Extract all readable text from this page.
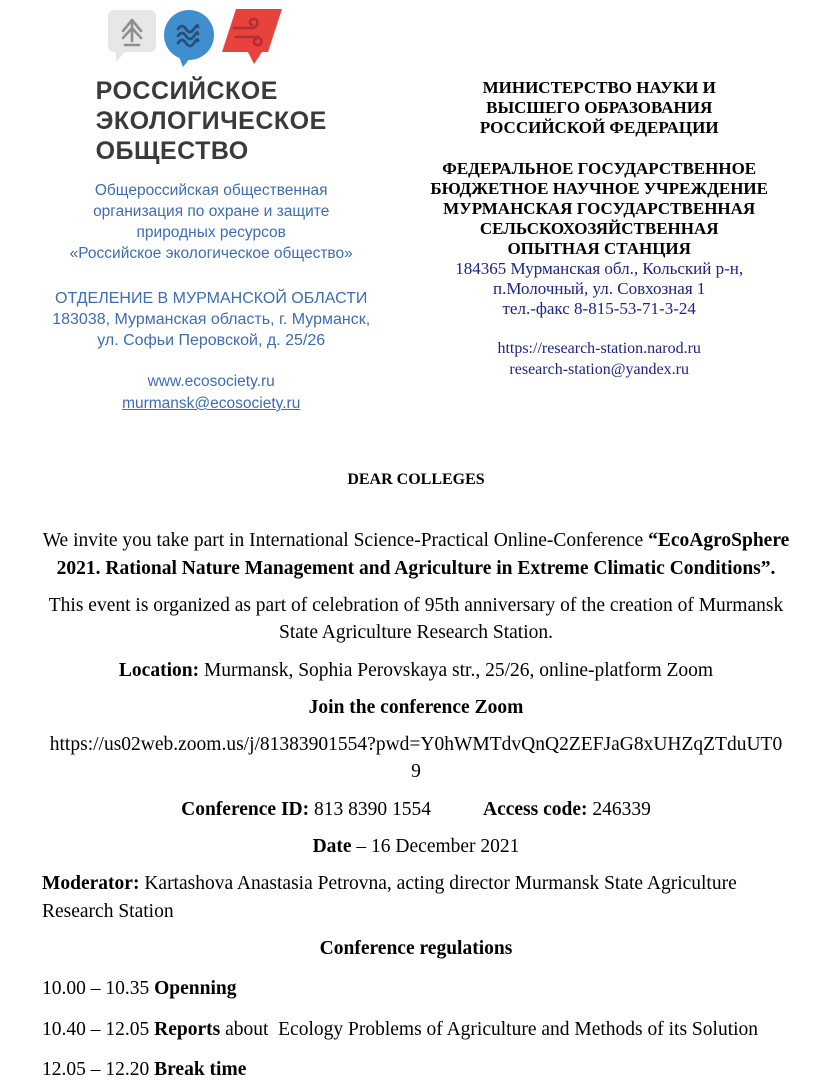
РОССИЙСКОЕ
ЭКОЛОГИЧЕСКОЕ
ОБЩЕСТВО
Общероссийская общественная
организация по охране и защите
природных ресурсов
«Российское экологическое общество»
ОТДЕЛЕНИЕ В МУРМАНСКОЙ ОБЛАСТИ
183038, Мурманская область, г. Мурманск,
ул. Софьи Перовской, д. 25/26
www.ecosociety.ru
murmansk@ecosociety.ru
МИНИСТЕРСТВО НАУКИ И
ВЫСШЕГО ОБРАЗОВАНИЯ
РОССИЙСКОЙ ФЕДЕРАЦИИ
ФЕДЕРАЛЬНОЕ ГОСУДАРСТВЕННОЕ
БЮДЖЕТНОЕ НАУЧНОЕ УЧРЕЖДЕНИЕ
МУРМАНСКАЯ ГОСУДАРСТВЕННАЯ
СЕЛЬСКОХОЗЯЙСТВЕННАЯ
ОПЫТНАЯ СТАНЦИЯ
184365 Мурманская обл., Кольский р-н,
п.Молочный, ул. Совхозная 1
тел.-факс 8-815-53-71-3-24
https://research-station.narod.ru
research-station@yandex.ru
DEAR COLLEGES

We invite you take part in International Science-Practical Online-Conference “EcoAgroSphere 2021. Rational Nature Management and Agriculture in Extreme Climatic Conditions”.

This event is organized as part of celebration of 95th anniversary of the creation of Murmansk State Agriculture Research Station.

Location: Murmansk, Sophia Perovskaya str., 25/26, online-platform Zoom

Join the conference Zoom

https://us02web.zoom.us/j/81383901554?pwd=Y0hWMTdvQnQ2ZEFJaG8xUHZqZTduUT09

Conference ID: 813 8390 1554	Access code: 246339

Date – 16 December 2021

Moderator: Kartashova Anastasia Petrovna, acting director Murmansk State Agriculture Research Station

Conference regulations

10.00 – 10.35 Openning

10.40 – 12.05 Reports about  Ecology Problems of Agriculture and Methods of its Solution

12.05 – 12.20 Break time
